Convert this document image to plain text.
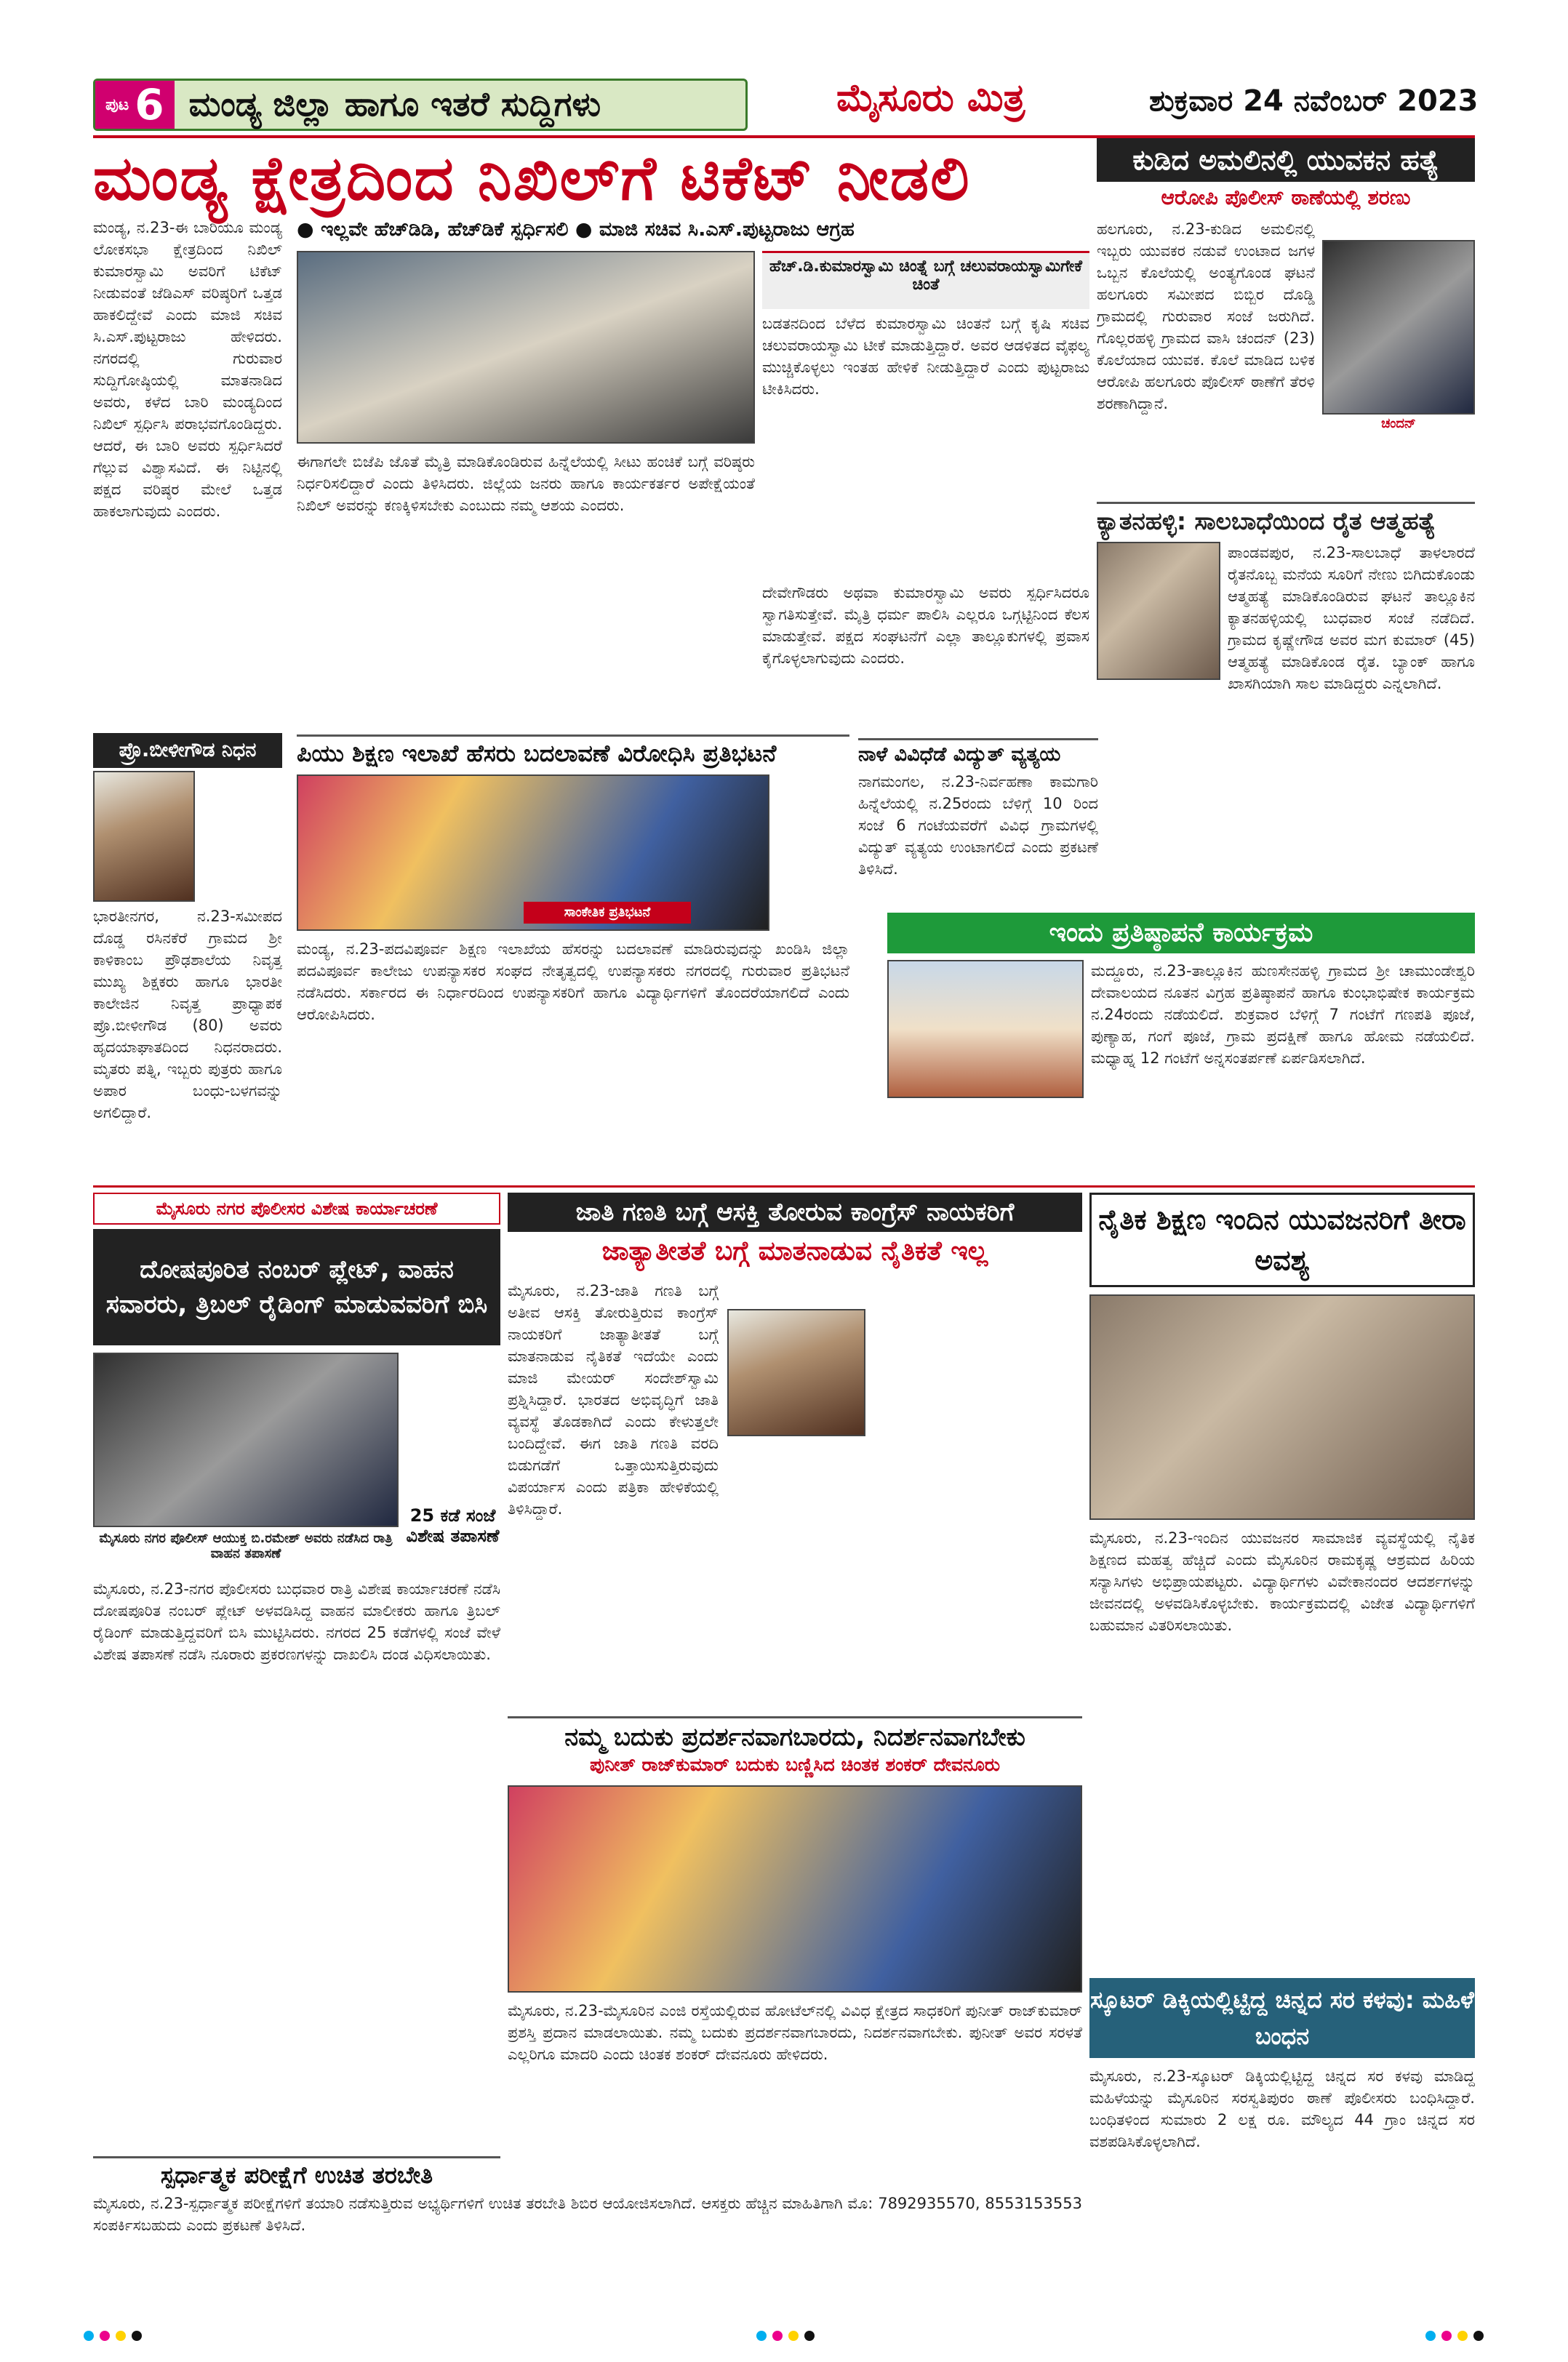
ಪುಟ 6 ಮಂಡ್ಯ ಜಿಲ್ಲಾ ಹಾಗೂ ಇತರೆ ಸುದ್ದಿಗಳು	ಮೈಸೂರು ಮಿತ್ರ	ಶುಕ್ರವಾರ 24 ನವೆಂಬರ್ 2023
ಮಂಡ್ಯ ಕ್ಷೇತ್ರದಿಂದ ನಿಖಿಲ್‌ಗೆ ಟಿಕೆಟ್ ನೀಡಲಿ
ಮಂಡ್ಯ, ನ.23-ಈ ಬಾರಿಯೂ ಮಂಡ್ಯ ಲೋಕಸಭಾ ಕ್ಷೇತ್ರದಿಂದ ನಿಖಿಲ್ ಕುಮಾರಸ್ವಾಮಿ ಅವರಿಗೆ ಟಿಕೆಟ್ ನೀಡುವಂತೆ ಜೆಡಿಎಸ್ ವರಿಷ್ಠರಿಗೆ ಒತ್ತಡ ಹಾಕಲಿದ್ದೇವೆ ಎಂದು ಮಾಜಿ ಸಚಿವ ಸಿ.ಎಸ್.ಪುಟ್ಟರಾಜು ಹೇಳಿದರು. ನಗರದಲ್ಲಿ ಗುರುವಾರ ಸುದ್ದಿಗೋಷ್ಠಿಯಲ್ಲಿ ಮಾತನಾಡಿದ ಅವರು, ಕಳೆದ ಬಾರಿ ಮಂಡ್ಯದಿಂದ ನಿಖಿಲ್ ಸ್ಪರ್ಧಿಸಿ ಪರಾಭವಗೊಂಡಿದ್ದರು. ಆದರೆ, ಈ ಬಾರಿ ಅವರು ಸ್ಪರ್ಧಿಸಿದರೆ ಗೆಲ್ಲುವ ವಿಶ್ವಾಸವಿದೆ. ಈ ನಿಟ್ಟಿನಲ್ಲಿ ಪಕ್ಷದ ವರಿಷ್ಠರ ಮೇಲೆ ಒತ್ತಡ ಹಾಕಲಾಗುವುದು ಎಂದರು.
● ಇಲ್ಲವೇ ಹೆಚ್‌ಡಿಡಿ, ಹೆಚ್‌ಡಿಕೆ ಸ್ಪರ್ಧಿಸಲಿ ● ಮಾಜಿ ಸಚಿವ ಸಿ.ಎಸ್.ಪುಟ್ಟರಾಜು ಆಗ್ರಹ
ಹೆಚ್.ಡಿ.ಕುಮಾರಸ್ವಾಮಿ ಚಿಂತ್ನೆ ಬಗ್ಗೆ ಚಲುವರಾಯಸ್ವಾಮಿಗೇಕೆ ಚಿಂತೆ
ಬಡತನದಿಂದ ಬೆಳೆದ ಕುಮಾರಸ್ವಾಮಿ ಚಿಂತನೆ ಬಗ್ಗೆ ಕೃಷಿ ಸಚಿವ ಚಲುವರಾಯಸ್ವಾಮಿ ಟೀಕೆ ಮಾಡುತ್ತಿದ್ದಾರೆ. ಅವರ ಆಡಳಿತದ ವೈಫಲ್ಯ ಮುಚ್ಚಿಕೊಳ್ಳಲು ಇಂತಹ ಹೇಳಿಕೆ ನೀಡುತ್ತಿದ್ದಾರೆ ಎಂದು ಪುಟ್ಟರಾಜು ಟೀಕಿಸಿದರು.
ಈಗಾಗಲೇ ಬಿಜೆಪಿ ಜೊತೆ ಮೈತ್ರಿ ಮಾಡಿಕೊಂಡಿರುವ ಹಿನ್ನೆಲೆಯಲ್ಲಿ ಸೀಟು ಹಂಚಿಕೆ ಬಗ್ಗೆ ವರಿಷ್ಠರು ನಿರ್ಧರಿಸಲಿದ್ದಾರೆ ಎಂದು ತಿಳಿಸಿದರು. ಜಿಲ್ಲೆಯ ಜನರು ಹಾಗೂ ಕಾರ್ಯಕರ್ತರ ಅಪೇಕ್ಷೆಯಂತೆ ನಿಖಿಲ್ ಅವರನ್ನು ಕಣಕ್ಕಿಳಿಸಬೇಕು ಎಂಬುದು ನಮ್ಮ ಆಶಯ ಎಂದರು.
ದೇವೇಗೌಡರು ಅಥವಾ ಕುಮಾರಸ್ವಾಮಿ ಅವರು ಸ್ಪರ್ಧಿಸಿದರೂ ಸ್ವಾಗತಿಸುತ್ತೇವೆ. ಮೈತ್ರಿ ಧರ್ಮ ಪಾಲಿಸಿ ಎಲ್ಲರೂ ಒಗ್ಗಟ್ಟಿನಿಂದ ಕೆಲಸ ಮಾಡುತ್ತೇವೆ. ಪಕ್ಷದ ಸಂಘಟನೆಗೆ ಎಲ್ಲಾ ತಾಲ್ಲೂಕುಗಳಲ್ಲಿ ಪ್ರವಾಸ ಕೈಗೊಳ್ಳಲಾಗುವುದು ಎಂದರು.
ಕುಡಿದ ಅಮಲಿನಲ್ಲಿ ಯುವಕನ ಹತ್ಯೆ
ಆರೋಪಿ ಪೊಲೀಸ್ ಠಾಣೆಯಲ್ಲಿ ಶರಣು
ಹಲಗೂರು, ನ.23-ಕುಡಿದ ಅಮಲಿನಲ್ಲಿ ಇಬ್ಬರು ಯುವಕರ ನಡುವೆ ಉಂಟಾದ ಜಗಳ ಒಬ್ಬನ ಕೊಲೆಯಲ್ಲಿ ಅಂತ್ಯಗೊಂಡ ಘಟನೆ ಹಲಗೂರು ಸಮೀಪದ ಬಿಬ್ಬಿರ ದೊಡ್ಡಿ ಗ್ರಾಮದಲ್ಲಿ ಗುರುವಾರ ಸಂಜೆ ಜರುಗಿದೆ. ಗೊಲ್ಲರಹಳ್ಳಿ ಗ್ರಾಮದ ವಾಸಿ ಚಂದನ್ (23) ಕೊಲೆಯಾದ ಯುವಕ. ಕೊಲೆ ಮಾಡಿದ ಬಳಿಕ ಆರೋಪಿ ಹಲಗೂರು ಪೊಲೀಸ್ ಠಾಣೆಗೆ ತೆರಳಿ ಶರಣಾಗಿದ್ದಾನೆ.
ಚಂದನ್
ಕ್ಯಾತನಹಳ್ಳಿ: ಸಾಲಬಾಧೆಯಿಂದ ರೈತ ಆತ್ಮಹತ್ಯೆ
ಪಾಂಡವಪುರ, ನ.23-ಸಾಲಬಾಧೆ ತಾಳಲಾರದೆ ರೈತನೊಬ್ಬ ಮನೆಯ ಸೂರಿಗೆ ನೇಣು ಬಿಗಿದುಕೊಂಡು ಆತ್ಮಹತ್ಯೆ ಮಾಡಿಕೊಂಡಿರುವ ಘಟನೆ ತಾಲ್ಲೂಕಿನ ಕ್ಯಾತನಹಳ್ಳಿಯಲ್ಲಿ ಬುಧವಾರ ಸಂಜೆ ನಡೆದಿದೆ. ಗ್ರಾಮದ ಕೃಷ್ಣೇಗೌಡ ಅವರ ಮಗ ಕುಮಾರ್ (45) ಆತ್ಮಹತ್ಯೆ ಮಾಡಿಕೊಂಡ ರೈತ. ಬ್ಯಾಂಕ್ ಹಾಗೂ ಖಾಸಗಿಯಾಗಿ ಸಾಲ ಮಾಡಿದ್ದರು ಎನ್ನಲಾಗಿದೆ.
ನಾಳೆ ವಿವಿಧೆಡೆ ವಿದ್ಯುತ್ ವ್ಯತ್ಯಯ
ನಾಗಮಂಗಲ, ನ.23-ನಿರ್ವಹಣಾ ಕಾಮಗಾರಿ ಹಿನ್ನೆಲೆಯಲ್ಲಿ ನ.25ರಂದು ಬೆಳಿಗ್ಗೆ 10 ರಿಂದ ಸಂಜೆ 6 ಗಂಟೆಯವರೆಗೆ ವಿವಿಧ ಗ್ರಾಮಗಳಲ್ಲಿ ವಿದ್ಯುತ್ ವ್ಯತ್ಯಯ ಉಂಟಾಗಲಿದೆ ಎಂದು ಪ್ರಕಟಣೆ ತಿಳಿಸಿದೆ.
ಪ್ರೊ.ಬೀಳೀಗೌಡ ನಿಧನ
ಭಾರತೀನಗರ, ನ.23-ಸಮೀಪದ ದೊಡ್ಡ ರಸಿನಕೆರೆ ಗ್ರಾಮದ ಶ್ರೀ ಕಾಳಿಕಾಂಬ ಪ್ರೌಢಶಾಲೆಯ ನಿವೃತ್ತ ಮುಖ್ಯ ಶಿಕ್ಷಕರು ಹಾಗೂ ಭಾರತೀ ಕಾಲೇಜಿನ ನಿವೃತ್ತ ಪ್ರಾಧ್ಯಾಪಕ ಪ್ರೊ.ಬೀಳೀಗೌಡ (80) ಅವರು ಹೃದಯಾಘಾತದಿಂದ ನಿಧನರಾದರು. ಮೃತರು ಪತ್ನಿ, ಇಬ್ಬರು ಪುತ್ರರು ಹಾಗೂ ಅಪಾರ ಬಂಧು-ಬಳಗವನ್ನು ಅಗಲಿದ್ದಾರೆ.
ಪಿಯು ಶಿಕ್ಷಣ ಇಲಾಖೆ ಹೆಸರು ಬದಲಾವಣೆ ವಿರೋಧಿಸಿ ಪ್ರತಿಭಟನೆ
ಸಾಂಕೇತಿಕ ಪ್ರತಿಭಟನೆ
ಮಂಡ್ಯ, ನ.23-ಪದವಿಪೂರ್ವ ಶಿಕ್ಷಣ ಇಲಾಖೆಯ ಹೆಸರನ್ನು ಬದಲಾವಣೆ ಮಾಡಿರುವುದನ್ನು ಖಂಡಿಸಿ ಜಿಲ್ಲಾ ಪದವಿಪೂರ್ವ ಕಾಲೇಜು ಉಪನ್ಯಾಸಕರ ಸಂಘದ ನೇತೃತ್ವದಲ್ಲಿ ಉಪನ್ಯಾಸಕರು ನಗರದಲ್ಲಿ ಗುರುವಾರ ಪ್ರತಿಭಟನೆ ನಡೆಸಿದರು. ಸರ್ಕಾರದ ಈ ನಿರ್ಧಾರದಿಂದ ಉಪನ್ಯಾಸಕರಿಗೆ ಹಾಗೂ ವಿದ್ಯಾರ್ಥಿಗಳಿಗೆ ತೊಂದರೆಯಾಗಲಿದೆ ಎಂದು ಆರೋಪಿಸಿದರು.
ಇಂದು ಪ್ರತಿಷ್ಠಾಪನೆ ಕಾರ್ಯಕ್ರಮ
ಮದ್ದೂರು, ನ.23-ತಾಲ್ಲೂಕಿನ ಹುಣಸೇನಹಳ್ಳಿ ಗ್ರಾಮದ ಶ್ರೀ ಚಾಮುಂಡೇಶ್ವರಿ ದೇವಾಲಯದ ನೂತನ ವಿಗ್ರಹ ಪ್ರತಿಷ್ಠಾಪನೆ ಹಾಗೂ ಕುಂಭಾಭಿಷೇಕ ಕಾರ್ಯಕ್ರಮ ನ.24ರಂದು ನಡೆಯಲಿದೆ. ಶುಕ್ರವಾರ ಬೆಳಿಗ್ಗೆ 7 ಗಂಟೆಗೆ ಗಣಪತಿ ಪೂಜೆ, ಪುಣ್ಯಾಹ, ಗಂಗೆ ಪೂಜೆ, ಗ್ರಾಮ ಪ್ರದಕ್ಷಿಣೆ ಹಾಗೂ ಹೋಮ ನಡೆಯಲಿದೆ. ಮಧ್ಯಾಹ್ನ 12 ಗಂಟೆಗೆ ಅನ್ನಸಂತರ್ಪಣೆ ಏರ್ಪಡಿಸಲಾಗಿದೆ.
ಮೈಸೂರು ನಗರ ಪೊಲೀಸರ ವಿಶೇಷ ಕಾರ್ಯಾಚರಣೆ
ದೋಷಪೂರಿತ ನಂಬರ್ ಪ್ಲೇಟ್, ವಾಹನ ಸವಾರರು, ತ್ರಿಬಲ್ ರೈಡಿಂಗ್ ಮಾಡುವವರಿಗೆ ಬಿಸಿ
ಮೈಸೂರು ನಗರ ಪೊಲೀಸ್ ಆಯುಕ್ತ ಬಿ.ರಮೇಶ್ ಅವರು ನಡೆಸಿದ ರಾತ್ರಿ ವಾಹನ ತಪಾಸಣೆ
25 ಕಡೆ ಸಂಜೆ ವಿಶೇಷ ತಪಾಸಣೆ
ಮೈಸೂರು, ನ.23-ನಗರ ಪೊಲೀಸರು ಬುಧವಾರ ರಾತ್ರಿ ವಿಶೇಷ ಕಾರ್ಯಾಚರಣೆ ನಡೆಸಿ ದೋಷಪೂರಿತ ನಂಬರ್ ಪ್ಲೇಟ್ ಅಳವಡಿಸಿದ್ದ ವಾಹನ ಮಾಲೀಕರು ಹಾಗೂ ತ್ರಿಬಲ್ ರೈಡಿಂಗ್ ಮಾಡುತ್ತಿದ್ದವರಿಗೆ ಬಿಸಿ ಮುಟ್ಟಿಸಿದರು. ನಗರದ 25 ಕಡೆಗಳಲ್ಲಿ ಸಂಜೆ ವೇಳೆ ವಿಶೇಷ ತಪಾಸಣೆ ನಡೆಸಿ ನೂರಾರು ಪ್ರಕರಣಗಳನ್ನು ದಾಖಲಿಸಿ ದಂಡ ವಿಧಿಸಲಾಯಿತು.
ಜಾತಿ ಗಣತಿ ಬಗ್ಗೆ ಆಸಕ್ತಿ ತೋರುವ ಕಾಂಗ್ರೆಸ್ ನಾಯಕರಿಗೆ
ಜಾತ್ಯಾತೀತತೆ ಬಗ್ಗೆ ಮಾತನಾಡುವ ನೈತಿಕತೆ ಇಲ್ಲ
ಮೈಸೂರು, ನ.23-ಜಾತಿ ಗಣತಿ ಬಗ್ಗೆ ಅತೀವ ಆಸಕ್ತಿ ತೋರುತ್ತಿರುವ ಕಾಂಗ್ರೆಸ್ ನಾಯಕರಿಗೆ ಜಾತ್ಯಾತೀತತೆ ಬಗ್ಗೆ ಮಾತನಾಡುವ ನೈತಿಕತೆ ಇದೆಯೇ ಎಂದು ಮಾಜಿ ಮೇಯರ್ ಸಂದೇಶ್‌ಸ್ವಾಮಿ ಪ್ರಶ್ನಿಸಿದ್ದಾರೆ. ಭಾರತದ ಅಭಿವೃದ್ಧಿಗೆ ಜಾತಿ ವ್ಯವಸ್ಥೆ ತೊಡಕಾಗಿದೆ ಎಂದು ಕೇಳುತ್ತಲೇ ಬಂದಿದ್ದೇವೆ. ಈಗ ಜಾತಿ ಗಣತಿ ವರದಿ ಬಿಡುಗಡೆಗೆ ಒತ್ತಾಯಿಸುತ್ತಿರುವುದು ವಿಪರ್ಯಾಸ ಎಂದು ಪತ್ರಿಕಾ ಹೇಳಿಕೆಯಲ್ಲಿ ತಿಳಿಸಿದ್ದಾರೆ.
ನೈತಿಕ ಶಿಕ್ಷಣ ಇಂದಿನ ಯುವಜನರಿಗೆ ತೀರಾ ಅವಶ್ಯ
ಮೈಸೂರು, ನ.23-ಇಂದಿನ ಯುವಜನರ ಸಾಮಾಜಿಕ ವ್ಯವಸ್ಥೆಯಲ್ಲಿ ನೈತಿಕ ಶಿಕ್ಷಣದ ಮಹತ್ವ ಹೆಚ್ಚಿದೆ ಎಂದು ಮೈಸೂರಿನ ರಾಮಕೃಷ್ಣ ಆಶ್ರಮದ ಹಿರಿಯ ಸನ್ಯಾಸಿಗಳು ಅಭಿಪ್ರಾಯಪಟ್ಟರು. ವಿದ್ಯಾರ್ಥಿಗಳು ವಿವೇಕಾನಂದರ ಆದರ್ಶಗಳನ್ನು ಜೀವನದಲ್ಲಿ ಅಳವಡಿಸಿಕೊಳ್ಳಬೇಕು. ಕಾರ್ಯಕ್ರಮದಲ್ಲಿ ವಿಜೇತ ವಿದ್ಯಾರ್ಥಿಗಳಿಗೆ ಬಹುಮಾನ ವಿತರಿಸಲಾಯಿತು.
ನಮ್ಮ ಬದುಕು ಪ್ರದರ್ಶನವಾಗಬಾರದು, ನಿದರ್ಶನವಾಗಬೇಕು
ಪುನೀತ್ ರಾಜ್‌ಕುಮಾರ್ ಬದುಕು ಬಣ್ಣಿಸಿದ ಚಿಂತಕ ಶಂಕರ್ ದೇವನೂರು
ಮೈಸೂರು, ನ.23-ಮೈಸೂರಿನ ಎಂಜಿ ರಸ್ತೆಯಲ್ಲಿರುವ ಹೋಟೆಲ್‌ನಲ್ಲಿ ವಿವಿಧ ಕ್ಷೇತ್ರದ ಸಾಧಕರಿಗೆ ಪುನೀತ್ ರಾಜ್‌ಕುಮಾರ್ ಪ್ರಶಸ್ತಿ ಪ್ರದಾನ ಮಾಡಲಾಯಿತು. ನಮ್ಮ ಬದುಕು ಪ್ರದರ್ಶನವಾಗಬಾರದು, ನಿದರ್ಶನವಾಗಬೇಕು. ಪುನೀತ್ ಅವರ ಸರಳತೆ ಎಲ್ಲರಿಗೂ ಮಾದರಿ ಎಂದು ಚಿಂತಕ ಶಂಕರ್ ದೇವನೂರು ಹೇಳಿದರು.
ಸ್ಪರ್ಧಾತ್ಮಕ ಪರೀಕ್ಷೆಗೆ ಉಚಿತ ತರಬೇತಿ
ಮೈಸೂರು, ನ.23-ಸ್ಪರ್ಧಾತ್ಮಕ ಪರೀಕ್ಷೆಗಳಿಗೆ ತಯಾರಿ ನಡೆಸುತ್ತಿರುವ ಅಭ್ಯರ್ಥಿಗಳಿಗೆ ಉಚಿತ ತರಬೇತಿ ಶಿಬಿರ ಆಯೋಜಿಸಲಾಗಿದೆ. ಆಸಕ್ತರು ಹೆಚ್ಚಿನ ಮಾಹಿತಿಗಾಗಿ ಮೊ: 7892935570, 8553153553 ಸಂಪರ್ಕಿಸಬಹುದು ಎಂದು ಪ್ರಕಟಣೆ ತಿಳಿಸಿದೆ.
ಸ್ಕೂಟರ್ ಡಿಕ್ಕಿಯಲ್ಲಿಟ್ಟಿದ್ದ ಚಿನ್ನದ ಸರ ಕಳವು: ಮಹಿಳೆ ಬಂಧನ
ಮೈಸೂರು, ನ.23-ಸ್ಕೂಟರ್ ಡಿಕ್ಕಿಯಲ್ಲಿಟ್ಟಿದ್ದ ಚಿನ್ನದ ಸರ ಕಳವು ಮಾಡಿದ್ದ ಮಹಿಳೆಯನ್ನು ಮೈಸೂರಿನ ಸರಸ್ವತಿಪುರಂ ಠಾಣೆ ಪೊಲೀಸರು ಬಂಧಿಸಿದ್ದಾರೆ. ಬಂಧಿತಳಿಂದ ಸುಮಾರು 2 ಲಕ್ಷ ರೂ. ಮೌಲ್ಯದ 44 ಗ್ರಾಂ ಚಿನ್ನದ ಸರ ವಶಪಡಿಸಿಕೊಳ್ಳಲಾಗಿದೆ.
